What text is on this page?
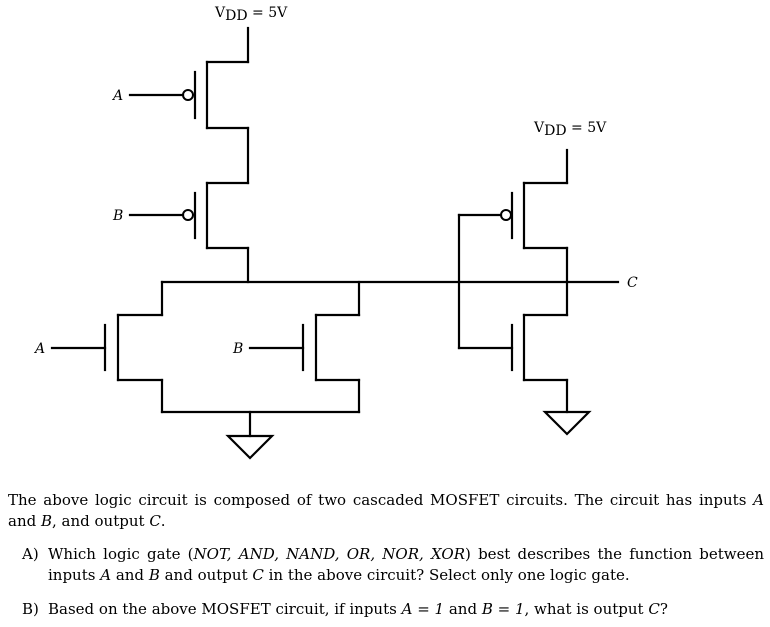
VDD = 5V
A
B
A	B
VDD = 5V
C
The above logic circuit is composed of two cascaded MOSFET circuits. The circuit has inputs A and B, and output C.
A) Which logic gate (NOT, AND, NAND, OR, NOR, XOR) best describes the function between inputs A and B and output C in the above circuit? Select only one logic gate.
B) Based on the above MOSFET circuit, if inputs A = 1 and B = 1, what is output C?
